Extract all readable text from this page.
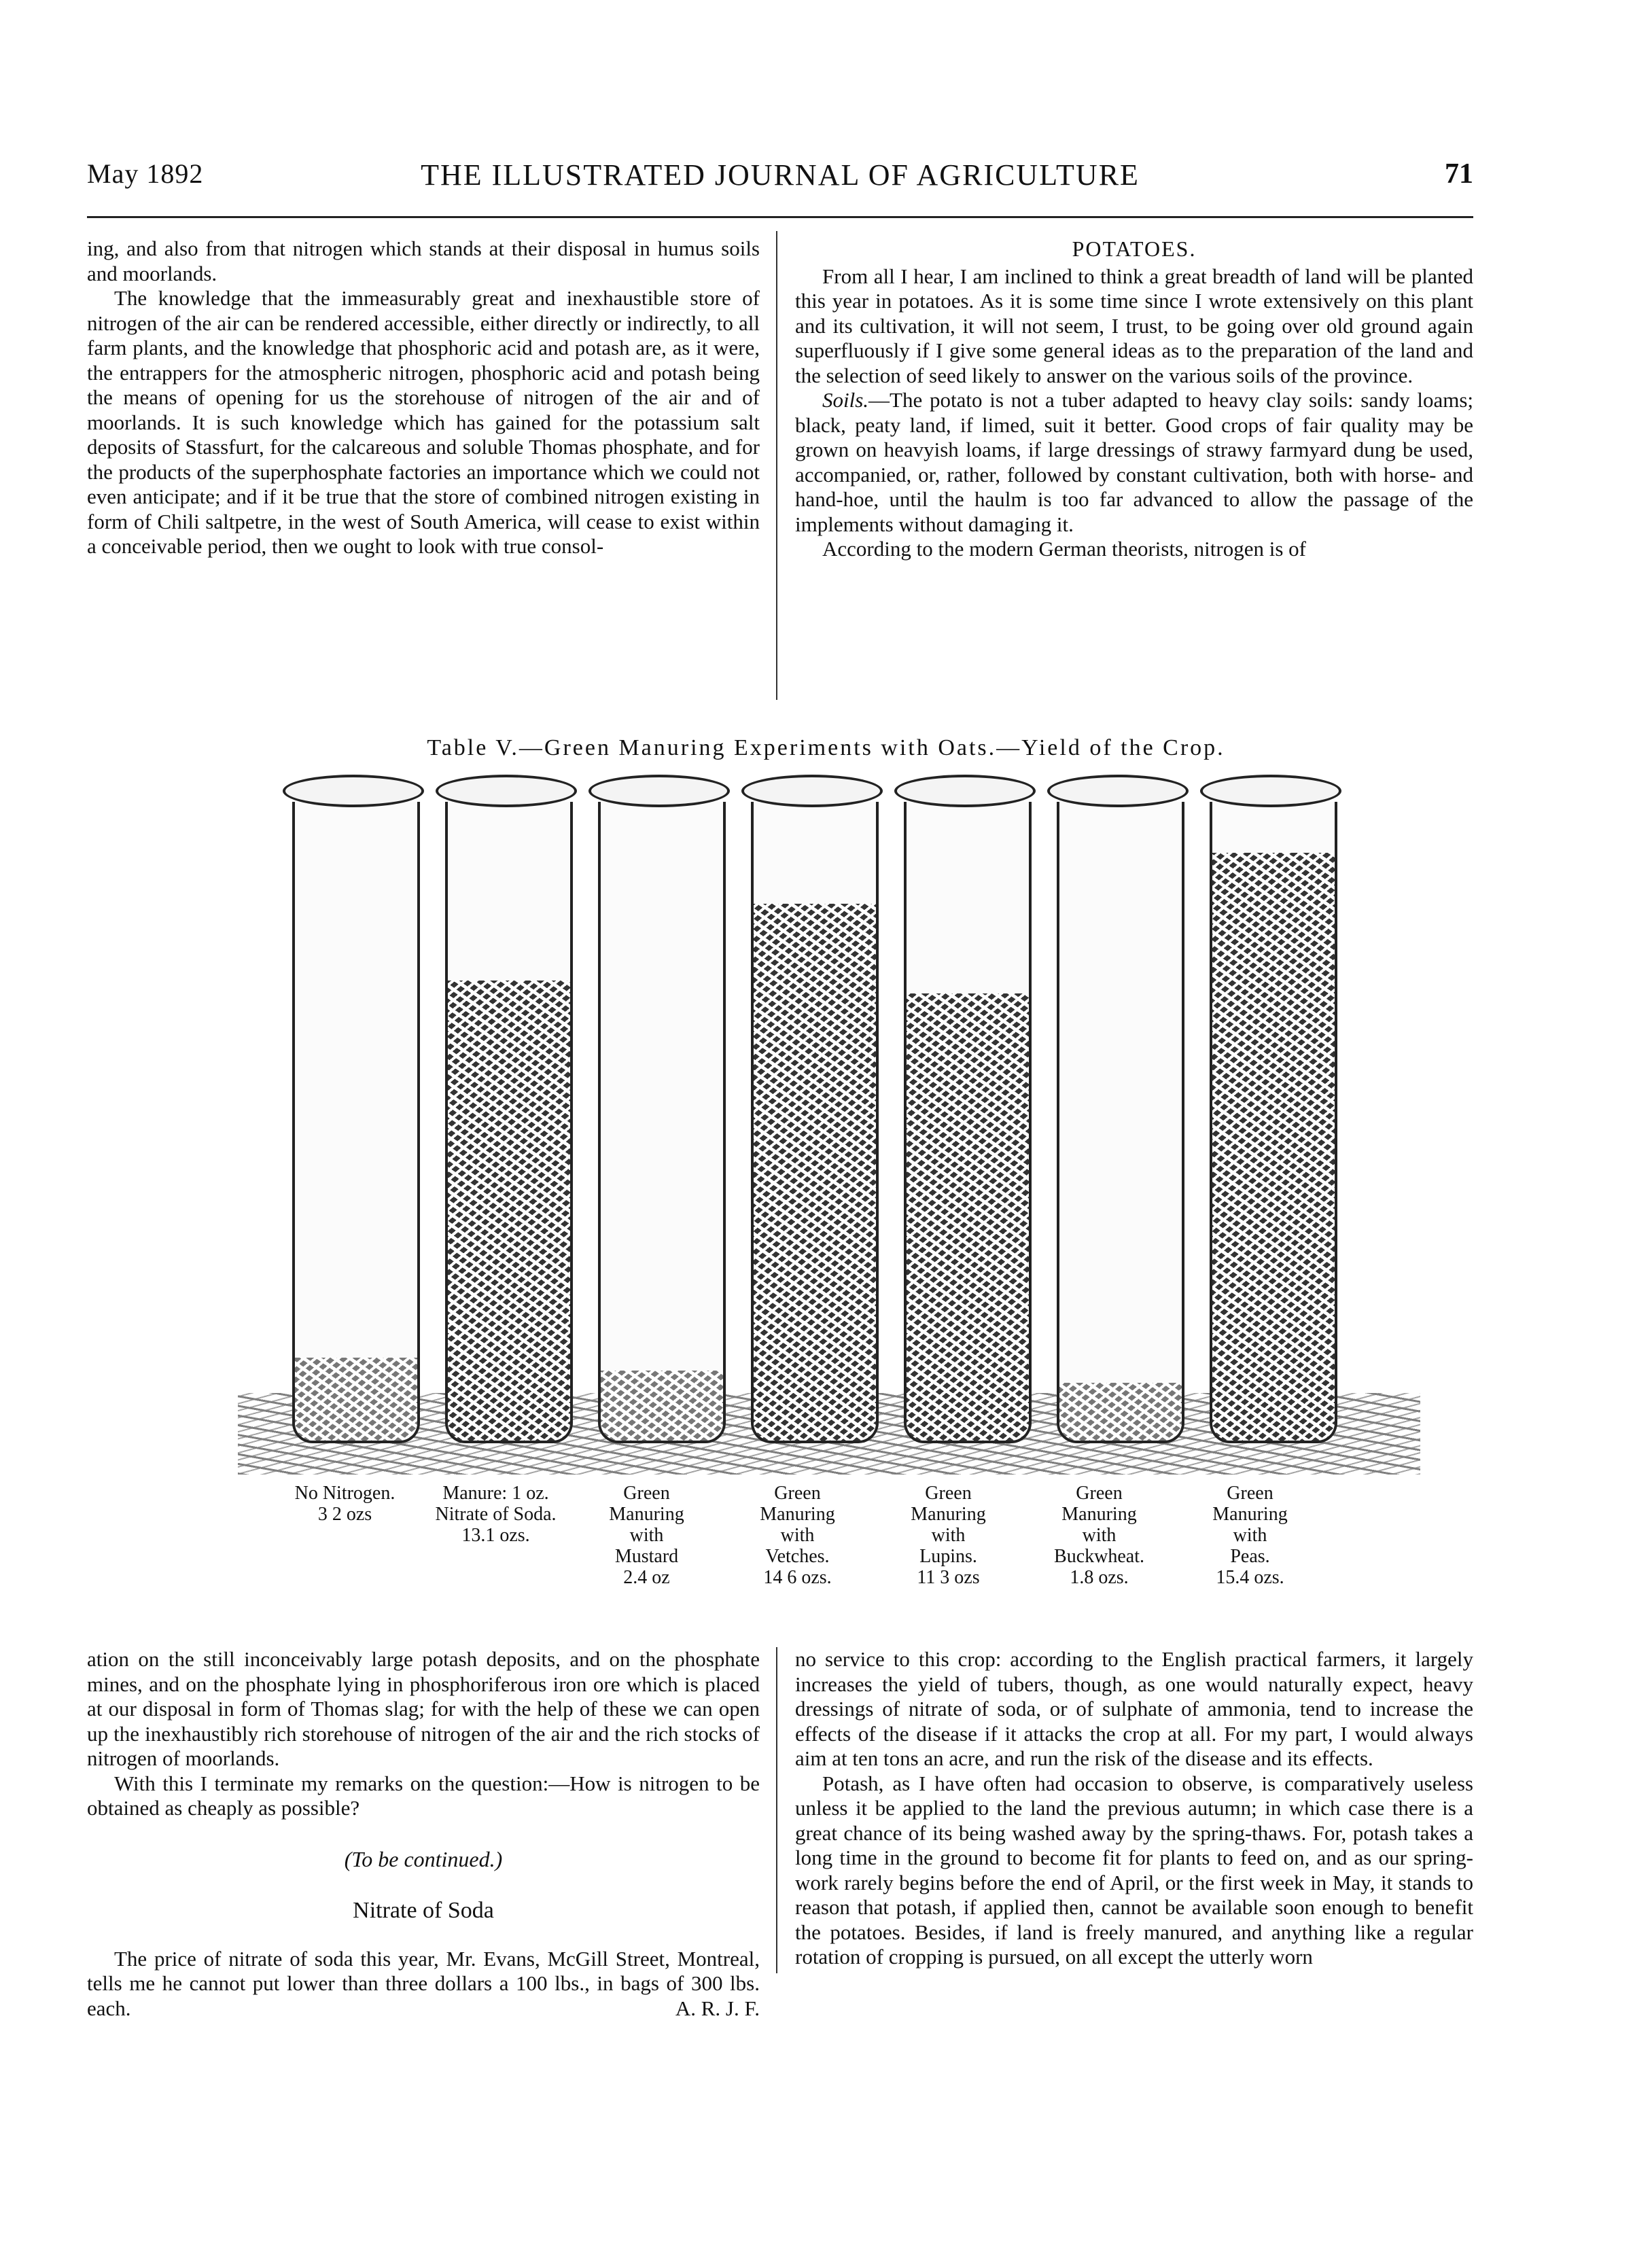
May 1892	THE ILLUSTRATED JOURNAL OF AGRICULTURE	71

ing, and also from that nitrogen which stands at their disposal in humus soils and moorlands.

The knowledge that the immeasurably great and inexhaustible store of nitrogen of the air can be rendered accessible, either directly or indirectly, to all farm plants, and the knowledge that phosphoric acid and potash are, as it were, the entrappers for the atmospheric nitrogen, phosphoric acid and potash being the means of opening for us the storehouse of nitrogen of the air and of moorlands. It is such knowledge which has gained for the potassium salt deposits of Stassfurt, for the calcareous and soluble Thomas phosphate, and for the products of the superphosphate factories an importance which we could not even anticipate; and if it be true that the store of combined nitrogen existing in form of Chili saltpetre, in the west of South America, will cease to exist within a conceivable period, then we ought to look with true consol-

POTATOES.

From all I hear, I am inclined to think a great breadth of land will be planted this year in potatoes. As it is some time since I wrote extensively on this plant and its cultivation, it will not seem, I trust, to be going over old ground again superfluously if I give some general ideas as to the preparation of the land and the selection of seed likely to answer on the various soils of the province.

Soils.—The potato is not a tuber adapted to heavy clay soils: sandy loams; black, peaty land, if limed, suit it better. Good crops of fair quality may be grown on heavyish loams, if large dressings of strawy farmyard dung be used, accompanied, or, rather, followed by constant cultivation, both with horse- and hand-hoe, until the haulm is too far advanced to allow the passage of the implements without damaging it.

According to the modern German theorists, nitrogen is of

Table V.—Green Manuring Experiments with Oats.—Yield of the Crop.
No Nitrogen.
3 2 ozs
Manure: 1 oz.
Nitrate of Soda.
13.1 ozs.
Green
Manuring
with
Mustard
2.4 oz
Green
Manuring
with
Vetches.
14 6 ozs.
Green
Manuring
with
Lupins.
11 3 ozs
Green
Manuring
with
Buckwheat.
1.8 ozs.
Green
Manuring
with
Peas.
15.4 ozs.

ation on the still inconceivably large potash deposits, and on the phosphate mines, and on the phosphate lying in phosphoriferous iron ore which is placed at our disposal in form of Thomas slag; for with the help of these we can open up the inexhaustibly rich storehouse of nitrogen of the air and the rich stocks of nitrogen of moorlands.

With this I terminate my remarks on the question:—How is nitrogen to be obtained as cheaply as possible?

(To be continued.)
Nitrate of Soda

The price of nitrate of soda this year, Mr. Evans, McGill Street, Montreal, tells me he cannot put lower than three dollars a 100 lbs., in bags of 300 lbs. each.	A. R. J. F.

no service to this crop: according to the English practical farmers, it largely increases the yield of tubers, though, as one would naturally expect, heavy dressings of nitrate of soda, or of sulphate of ammonia, tend to increase the effects of the disease if it attacks the crop at all. For my part, I would always aim at ten tons an acre, and run the risk of the disease and its effects.

Potash, as I have often had occasion to observe, is comparatively useless unless it be applied to the land the previous autumn; in which case there is a great chance of its being washed away by the spring-thaws. For, potash takes a long time in the ground to become fit for plants to feed on, and as our spring-work rarely begins before the end of April, or the first week in May, it stands to reason that potash, if applied then, cannot be available soon enough to benefit the potatoes. Besides, if land is freely manured, and anything like a regular rotation of cropping is pursued, on all except the utterly worn
